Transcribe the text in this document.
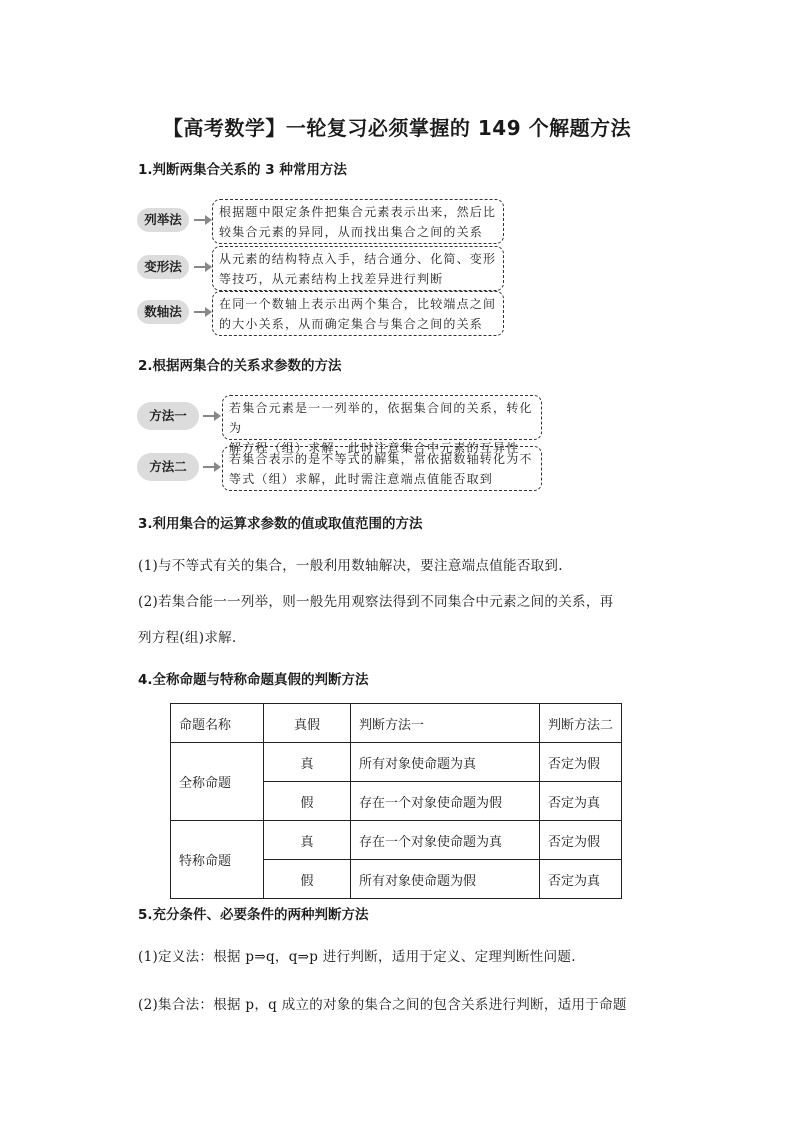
【高考数学】一轮复习必须掌握的 149 个解题方法
1.判断两集合关系的 3 种常用方法
列举法	根据题中限定条件把集合元素表示出来，然后比
较集合元素的异同，从而找出集合之间的关系
变形法	从元素的结构特点入手，结合通分、化简、变形
等技巧，从元素结构上找差异进行判断
数轴法	在同一个数轴上表示出两个集合，比较端点之间
的大小关系，从而确定集合与集合之间的关系
2.根据两集合的关系求参数的方法
方法一	若集合元素是一一列举的，依据集合间的关系，转化为
解方程（组）求解，此时注意集合中元素的互异性
方法二	若集合表示的是不等式的解集，常依据数轴转化为不
等式（组）求解，此时需注意端点值能否取到
3.利用集合的运算求参数的值或取值范围的方法
(1)与不等式有关的集合，一般利用数轴解决，要注意端点值能否取到.
(2)若集合能一一列举，则一般先用观察法得到不同集合中元素之间的关系，再
列方程(组)求解.
4.全称命题与特称命题真假的判断方法
命题名称	真假	判断方法一	判断方法二
全称命题	真	所有对象使命题为真	否定为假
	假	存在一个对象使命题为假	否定为真
特称命题	真	存在一个对象使命题为真	否定为假
	假	所有对象使命题为假	否定为真
5.充分条件、必要条件的两种判断方法
(1)定义法：根据 p⇒q，q⇒p 进行判断，适用于定义、定理判断性问题.
(2)集合法：根据 p，q 成立的对象的集合之间的包含关系进行判断，适用于命题
